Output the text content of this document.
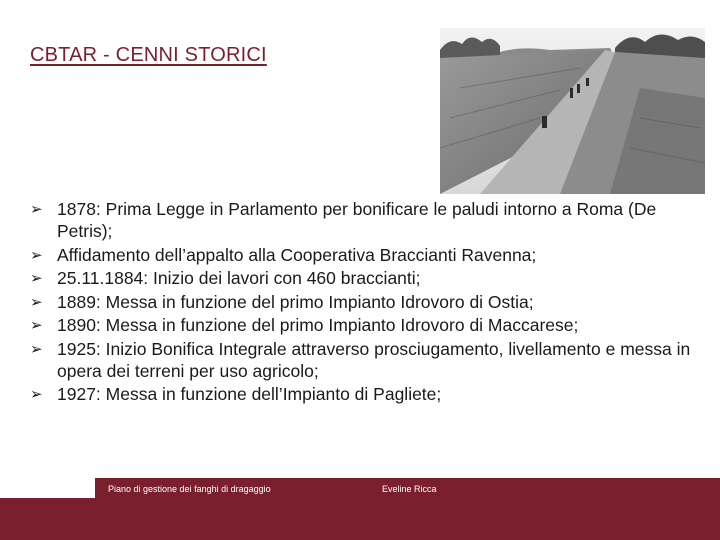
CBTAR - CENNI STORICI
➢ 1878: Prima Legge in Parlamento per bonificare le paludi intorno a Roma (De Petris);
➢ Affidamento dell’appalto alla Cooperativa Braccianti Ravenna;
➢ 25.11.1884: Inizio dei lavori con 460 braccianti;
➢ 1889: Messa in funzione del primo Impianto Idrovoro di Ostia;
➢ 1890: Messa in funzione del primo Impianto Idrovoro di Maccarese;
➢ 1925: Inizio Bonifica Integrale attraverso prosciugamento, livellamento e messa in opera dei terreni per uso agricolo;
➢ 1927: Messa in funzione dell’Impianto di Pagliete;
Piano di gestione dei fanghi di dragaggio	Eveline Ricca
